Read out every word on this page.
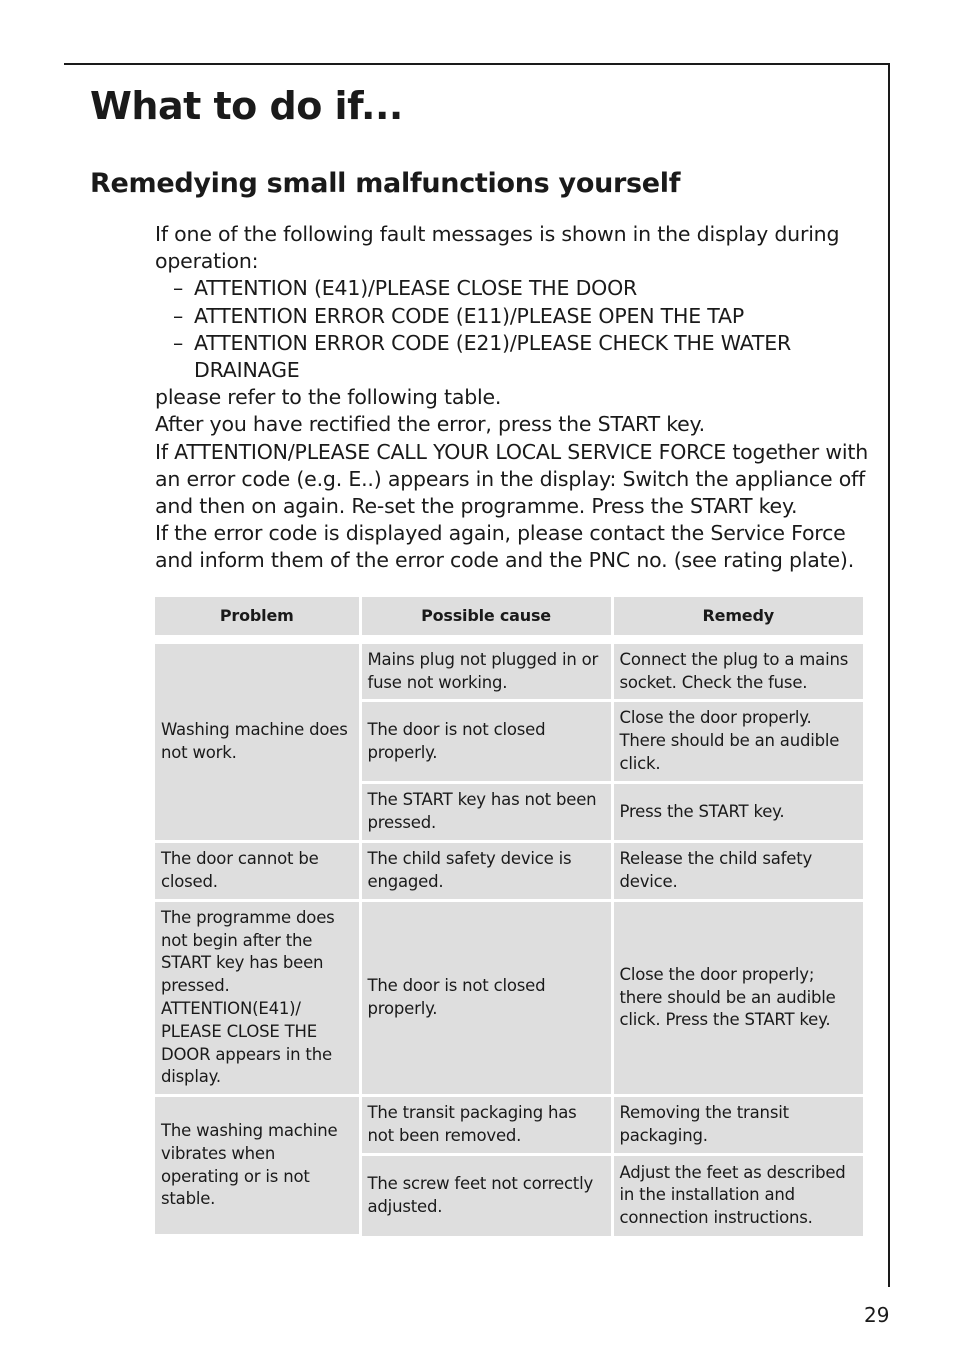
What to do if...
Remedying small malfunctions yourself

If one of the following fault messages is shown in the display during operation:

– ATTENTION (E41)/PLEASE CLOSE THE DOOR
– ATTENTION ERROR CODE (E11)/PLEASE OPEN THE TAP
– ATTENTION ERROR CODE (E21)/PLEASE CHECK THE WATER DRAINAGE

please refer to the following table.

After you have rectified the error, press the START key.

If ATTENTION/PLEASE CALL YOUR LOCAL SERVICE FORCE together with an error code (e.g. E..) appears in the display: Switch the appliance off and then on again. Re-set the programme. Press the START key.

If the error code is displayed again, please contact the Service Force and inform them of the error code and the PNC no. (see rating plate).

Problem	Possible cause	Remedy

Washing machine does not work.	Mains plug not plugged in or fuse not working.	Connect the plug to a mains socket. Check the fuse.
	The door is not closed properly.	Close the door properly. There should be an audible click.
	The START key has not been pressed.	Press the START key.
The door cannot be closed.	The child safety device is engaged.	Release the child safety device.
The programme does not begin after the START key has been pressed. ATTENTION(E41)/ PLEASE CLOSE THE DOOR appears in the display.	The door is not closed properly.	Close the door properly; there should be an audible click. Press the START key.
The washing machine vibrates when operating or is not stable.	The transit packaging has not been removed.	Removing the transit packaging.
	The screw feet not correctly adjusted.	Adjust the feet as described in the installation and connection instructions.
29
